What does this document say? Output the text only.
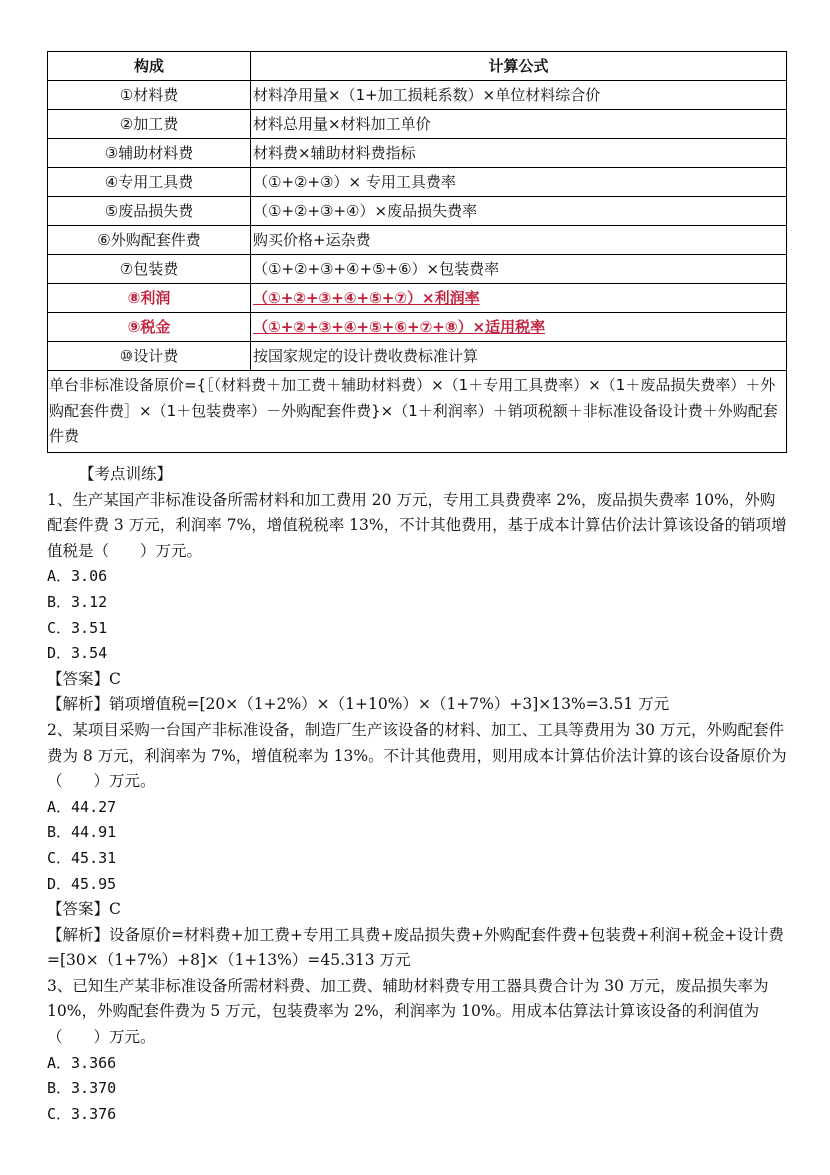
构成	计算公式
①材料费	材料净用量×（1+加工损耗系数）×单位材料综合价
②加工费	材料总用量×材料加工单价
③辅助材料费	材料费×辅助材料费指标
④专用工具费	（①+②+③）× 专用工具费率
⑤废品损失费	（①+②+③+④）×废品损失费率
⑥外购配套件费	购买价格+运杂费
⑦包装费	（①+②+③+④+⑤+⑥）×包装费率
⑧利润	（①+②+③+④+⑤+⑦）×利润率
⑨税金	（①+②+③+④+⑤+⑥+⑦+⑧）×适用税率
⑩设计费	按国家规定的设计费收费标准计算
单台非标准设备原价={［（材料费＋加工费＋辅助材料费）×（1＋专用工具费率）×（1＋废品损失费率）＋外购配套件费］×（1＋包装费率）－外购配套件费}×（1＋利润率）＋销项税额＋非标准设备设计费＋外购配套件费	

【考点训练】

1、生产某国产非标准设备所需材料和加工费用 20 万元，专用工具费费率 2%，废品损失费率 10%，外购配套件费 3 万元，利润率 7%，增值税税率 13%，不计其他费用，基于成本计算估价法计算该设备的销项增值税是（　　）万元。

A．3.06

B．3.12

C．3.51

D．3.54

【答案】C

【解析】销项增值税=[20×（1+2%）×（1+10%）×（1+7%）+3]×13%=3.51 万元

2、某项目采购一台国产非标准设备，制造厂生产该设备的材料、加工、工具等费用为 30 万元，外购配套件费为 8 万元，利润率为 7%，增值税率为 13%。不计其他费用，则用成本计算估价法计算的该台设备原价为（　　）万元。

A．44.27

B．44.91

C．45.31

D．45.95

【答案】C

【解析】设备原价=材料费+加工费+专用工具费+废品损失费+外购配套件费+包装费+利润+税金+设计费=[30×（1+7%）+8]×（1+13%）=45.313 万元

3、已知生产某非标准设备所需材料费、加工费、辅助材料费专用工器具费合计为 30 万元，废品损失率为 10%，外购配套件费为 5 万元，包装费率为 2%，利润率为 10%。用成本估算法计算该设备的利润值为（　　）万元。

A．3.366

B．3.370

C．3.376
